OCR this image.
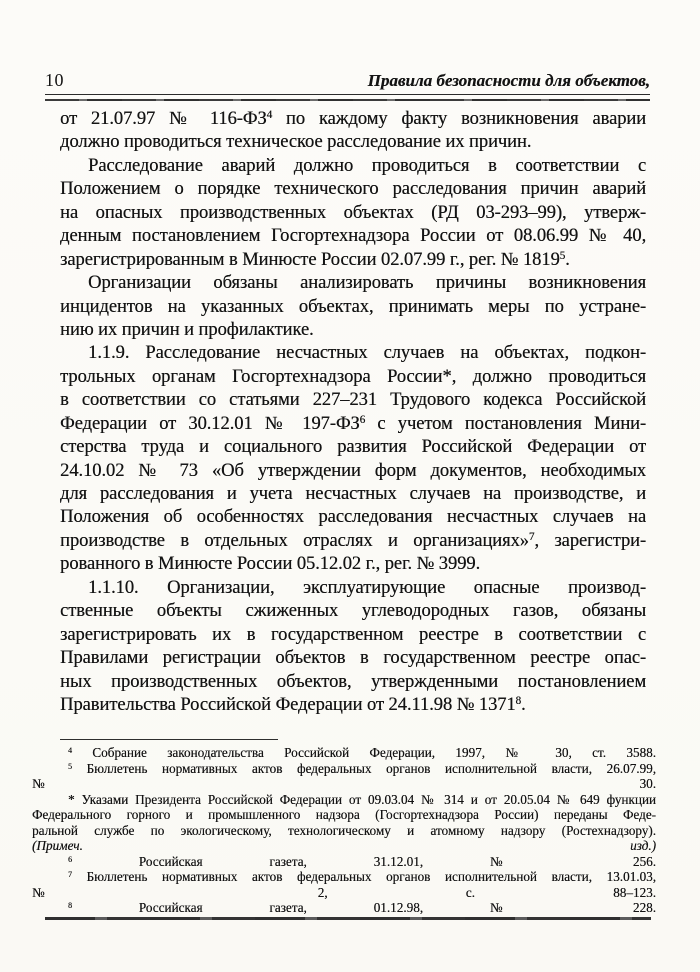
10	Правила безопасности для объектов,
от 21.07.97 № $116-ФЗ^4$ по каждому факту возникновения аварии
должно проводиться техническое расследование их причин.
Расследование аварий должно проводиться в соответствии с
Положением о порядке технического расследования причин аварий
на опасных производственных объектах (РД 03-293–99), утверж-
денным постановлением Госгортехнадзора России от 08.06.99 № 40,
зарегистрированным в Минюсте России 02.07.99 г., рег. № 1819$^5$.
Организации обязаны анализировать причины возникновения
инцидентов на указанных объектах, принимать меры по устране-
нию их причин и профилактике.
1.1.9. Расследование несчастных случаев на объектах, подкон-
трольных органам Госгортехнадзора России*, должно проводиться
в соответствии со статьями 227–231 Трудового кодекса Российской
Федерации от 30.12.01 № $197-ФЗ^6$ с учетом постановления Мини-
стерства труда и социального развития Российской Федерации от
24.10.02 № 73 «Об утверждении форм документов, необходимых
для расследования и учета несчастных случаев на производстве, и
Положения об особенностях расследования несчастных случаев на
производстве в отдельных отраслях и организациях»$^7$, зарегистри-
рованного в Минюсте России 05.12.02 г., рег. № 3999.
1.1.10. Организации, эксплуатирующие опасные производ-
ственные объекты сжиженных углеводородных газов, обязаны
зарегистрировать их в государственном реестре в соответствии с
Правилами регистрации объектов в государственном реестре опас-
ных производственных объектов, утвержденными постановлением
Правительства Российской Федерации от 24.11.98 № 1371$^8$.
$^4$ Собрание законодательства Российской Федерации, 1997, № 30, ст. 3588.
$^5$ Бюллетень нормативных актов федеральных органов исполнительной власти, 26.07.99,
№ 30.
* Указами Президента Российской Федерации от 09.03.04 № 314 и от 20.05.04 № 649 функции
Федерального горного и промышленного надзора (Госгортехнадзора России) переданы Феде-
ральной службе по экологическому, технологическому и атомному надзору (Ростехнадзору).
(Примеч. изд.)
$^6$ Российская газета, 31.12.01, № 256.
$^7$ Бюллетень нормативных актов федеральных органов исполнительной власти, 13.01.03,
№ 2, с. 88–123.
$^8$ Российская газета, 01.12.98, № 228.
